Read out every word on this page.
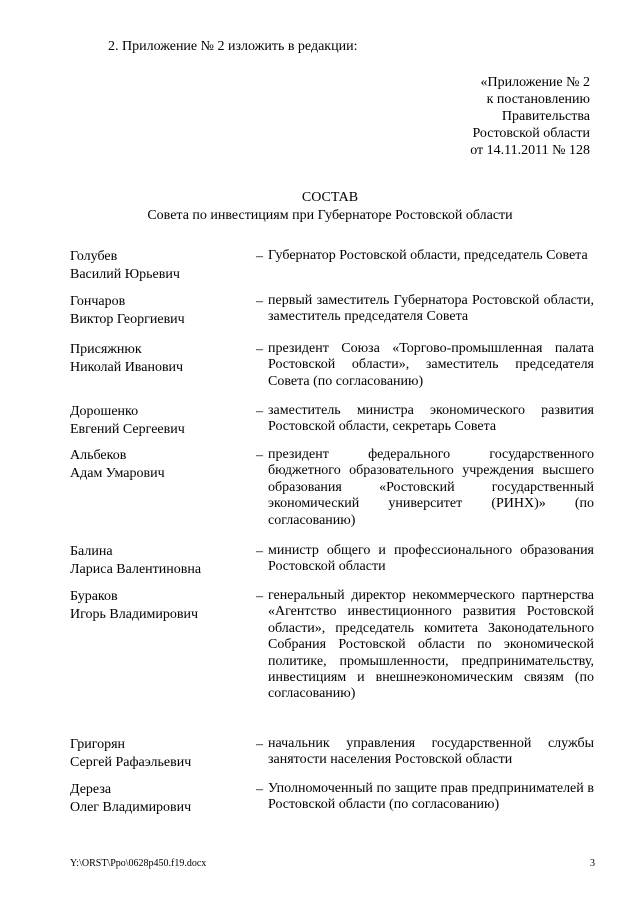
2. Приложение № 2 изложить в редакции:
«Приложение № 2
к постановлению
Правительства
Ростовской области
от 14.11.2011 № 128
СОСТАВ
Совета по инвестициям при Губернаторе Ростовской области
Голубев
Василий Юрьевич
– Губернатор Ростовской области, председатель Совета
Гончаров
Виктор Георгиевич
– первый заместитель Губернатора Ростовской области, заместитель председателя Совета
Присяжнюк
Николай Иванович
– президент Союза «Торгово-промышленная палата Ростовской области», заместитель председателя Совета (по согласованию)
Дорошенко
Евгений Сергеевич
– заместитель министра экономического развития Ростовской области, секретарь Совета
Альбеков
Адам Умарович
– президент федерального государственного бюджетного образовательного учреждения высшего образования «Ростовский государственный экономический университет (РИНХ)» (по согласованию)
Балина
Лариса Валентиновна
– министр общего и профессионального образования Ростовской области
Бураков
Игорь Владимирович
– генеральный директор некоммерческого партнерства «Агентство инвестиционного развития Ростовской области», председатель комитета Законодательного Собрания Ростовской области по экономической политике, промышленности, предпринимательству, инвестициям и внешнеэкономическим связям (по согласованию)
Григорян
Сергей Рафаэльевич
– начальник управления государственной службы занятости населения Ростовской области
Дереза
Олег Владимирович
– Уполномоченный по защите прав предпринимателей в Ростовской области (по согласованию)
Y:\ORST\Ppo\0628p450.f19.docx	3
